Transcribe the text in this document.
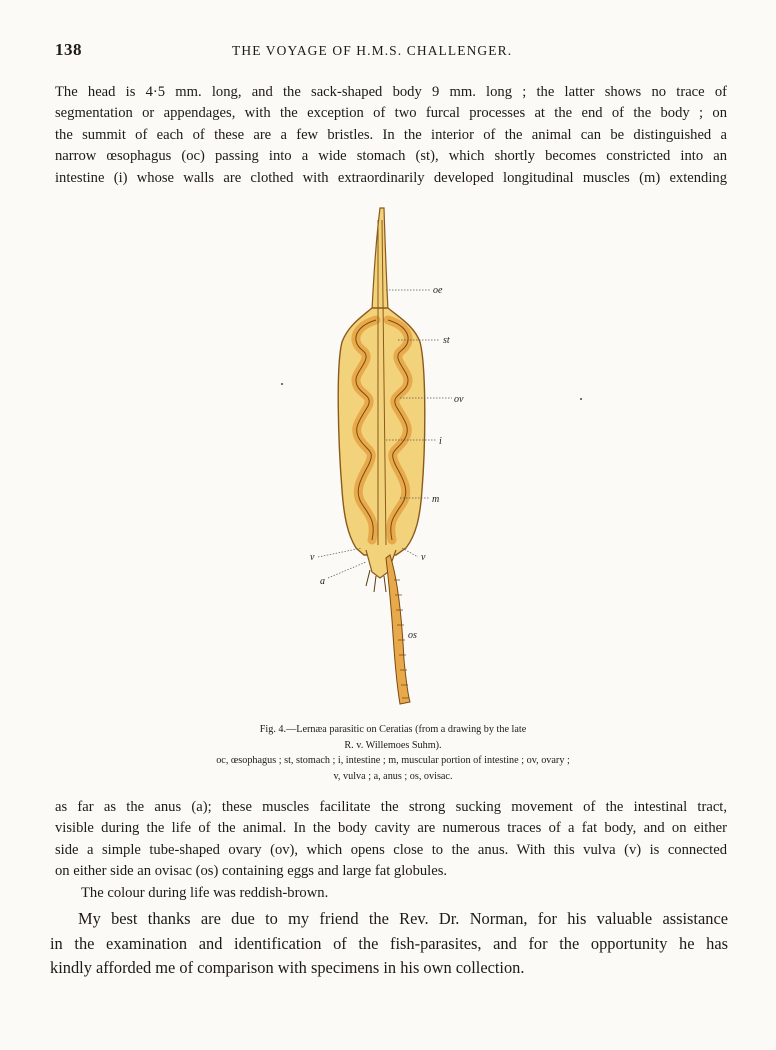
138	THE VOYAGE OF H.M.S. CHALLENGER.
The head is 4·5 mm. long, and the sack-shaped body 9 mm. long ; the latter shows no trace of
segmentation or appendages, with the exception of two furcal processes at the end of the body ; on
the summit of each of these are a few bristles. In the interior of the animal can be distinguished a
narrow œsophagus (oc) passing into a wide stomach (st), which shortly becomes constricted into an
intestine (i) whose walls are clothed with extraordinarily developed longitudinal muscles (m) extending
oe
st
ov
i
m
v	v
a
os
Fig. 4.—Lernæa parasitic on Ceratias (from a drawing by the late
R. v. Willemoes Suhm).
oc, œsophagus ; st, stomach ; i, intestine ; m, muscular portion of intestine ; ov, ovary ;
v, vulva ; a, anus ; os, ovisac.
as far as the anus (a); these muscles facilitate the strong sucking movement of the intestinal tract,
visible during the life of the animal. In the body cavity are numerous traces of a fat body, and on either
side a simple tube-shaped ovary (ov), which opens close to the anus. With this vulva (v) is connected
on either side an ovisac (os) containing eggs and large fat globules.
The colour during life was reddish-brown.
My best thanks are due to my friend the Rev. Dr. Norman, for his valuable assistance
in the examination and identification of the fish-parasites, and for the opportunity he has
kindly afforded me of comparison with specimens in his own collection.
